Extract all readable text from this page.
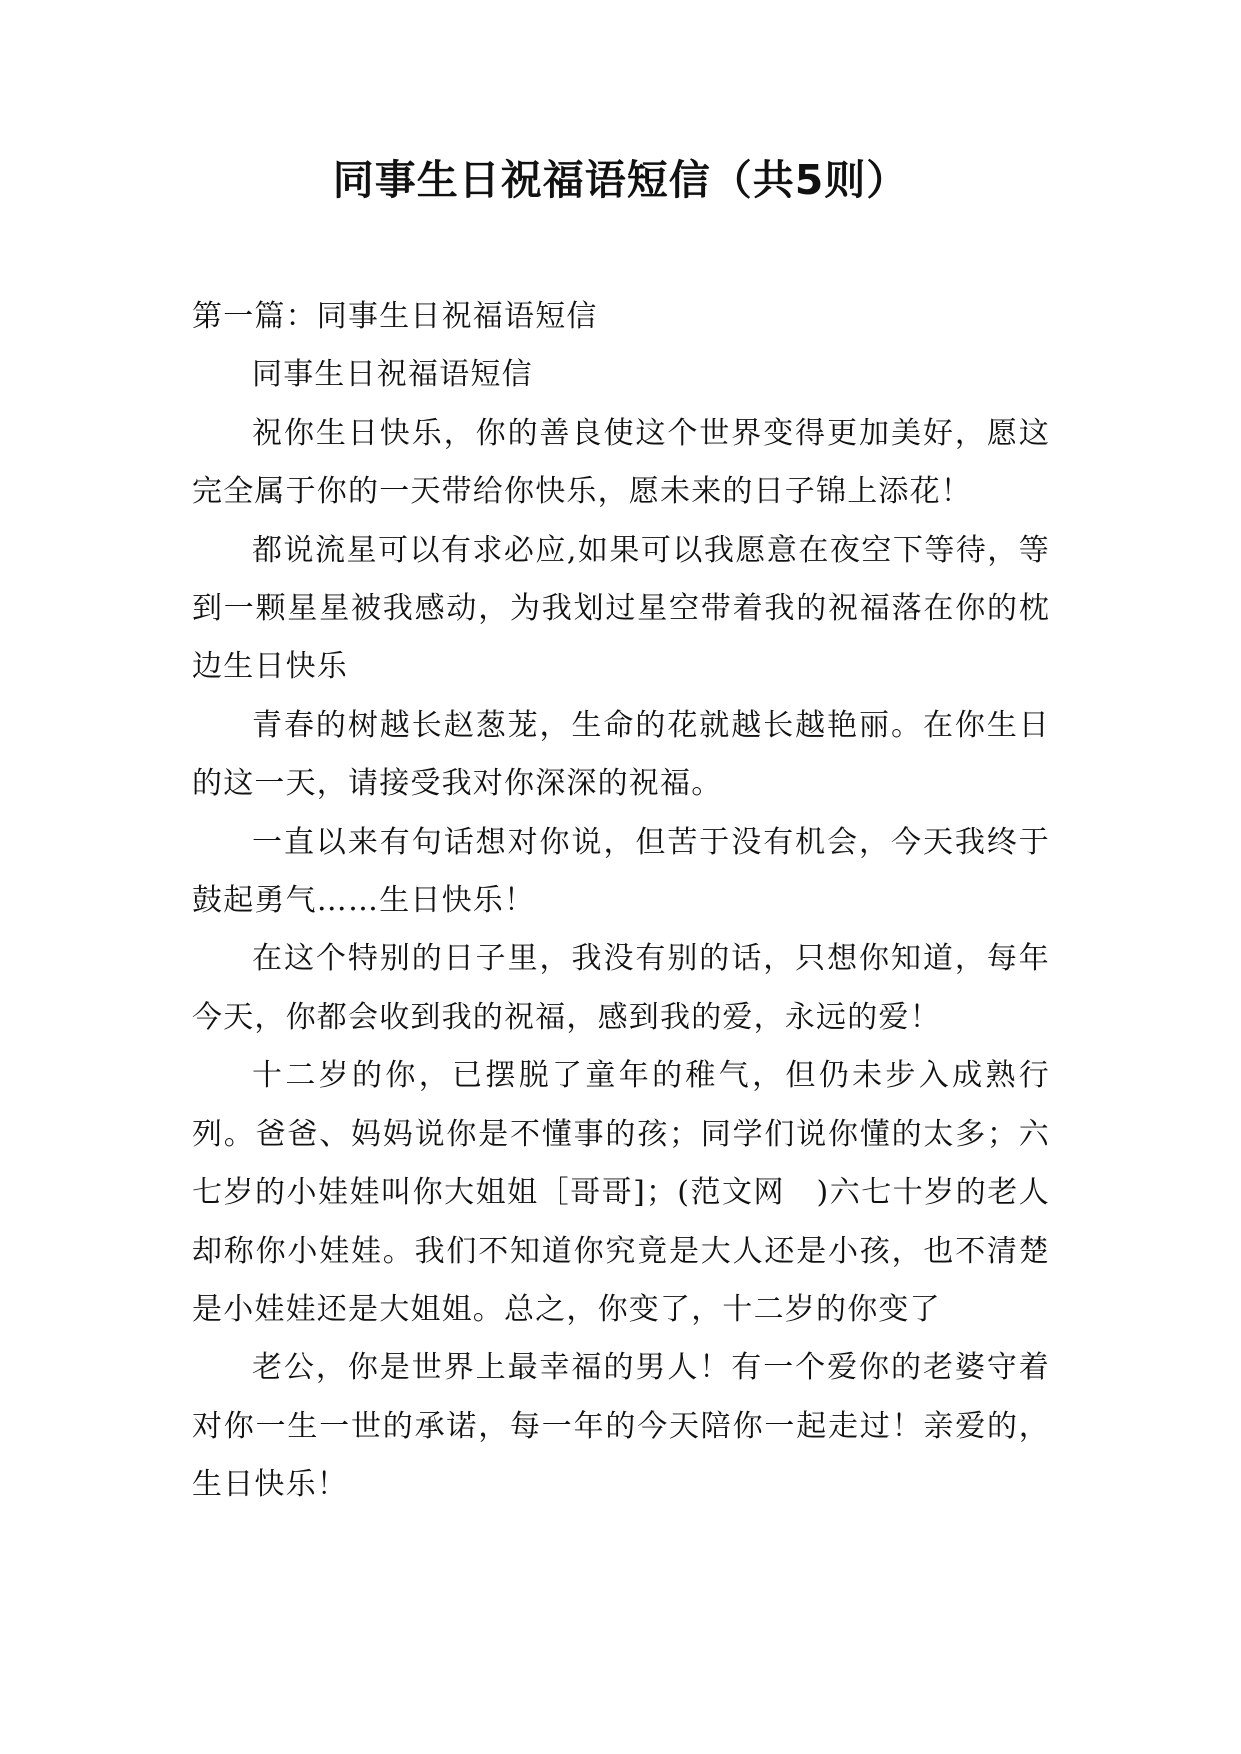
同事生日祝福语短信（共5则）

第一篇：同事生日祝福语短信

同事生日祝福语短信

祝你生日快乐，你的善良使这个世界变得更加美好，愿这完全属于你的一天带给你快乐，愿未来的日子锦上添花！

都说流星可以有求必应,如果可以我愿意在夜空下等待，等到一颗星星被我感动，为我划过星空带着我的祝福落在你的枕边生日快乐

青春的树越长赵葱茏，生命的花就越长越艳丽。在你生日的这一天，请接受我对你深深的祝福。

一直以来有句话想对你说，但苦于没有机会，今天我终于鼓起勇气……生日快乐！

在这个特别的日子里，我没有别的话，只想你知道，每年今天，你都会收到我的祝福，感到我的爱，永远的爱！

十二岁的你，已摆脱了童年的稚气，但仍未步入成熟行列。爸爸、妈妈说你是不懂事的孩；同学们说你懂的太多；六七岁的小娃娃叫你大姐姐［哥哥]；(范文网　)六七十岁的老人却称你小娃娃。我们不知道你究竟是大人还是小孩，也不清楚是小娃娃还是大姐姐。总之，你变了，十二岁的你变了

老公，你是世界上最幸福的男人！有一个爱你的老婆守着对你一生一世的承诺，每一年的今天陪你一起走过！亲爱的，生日快乐！
